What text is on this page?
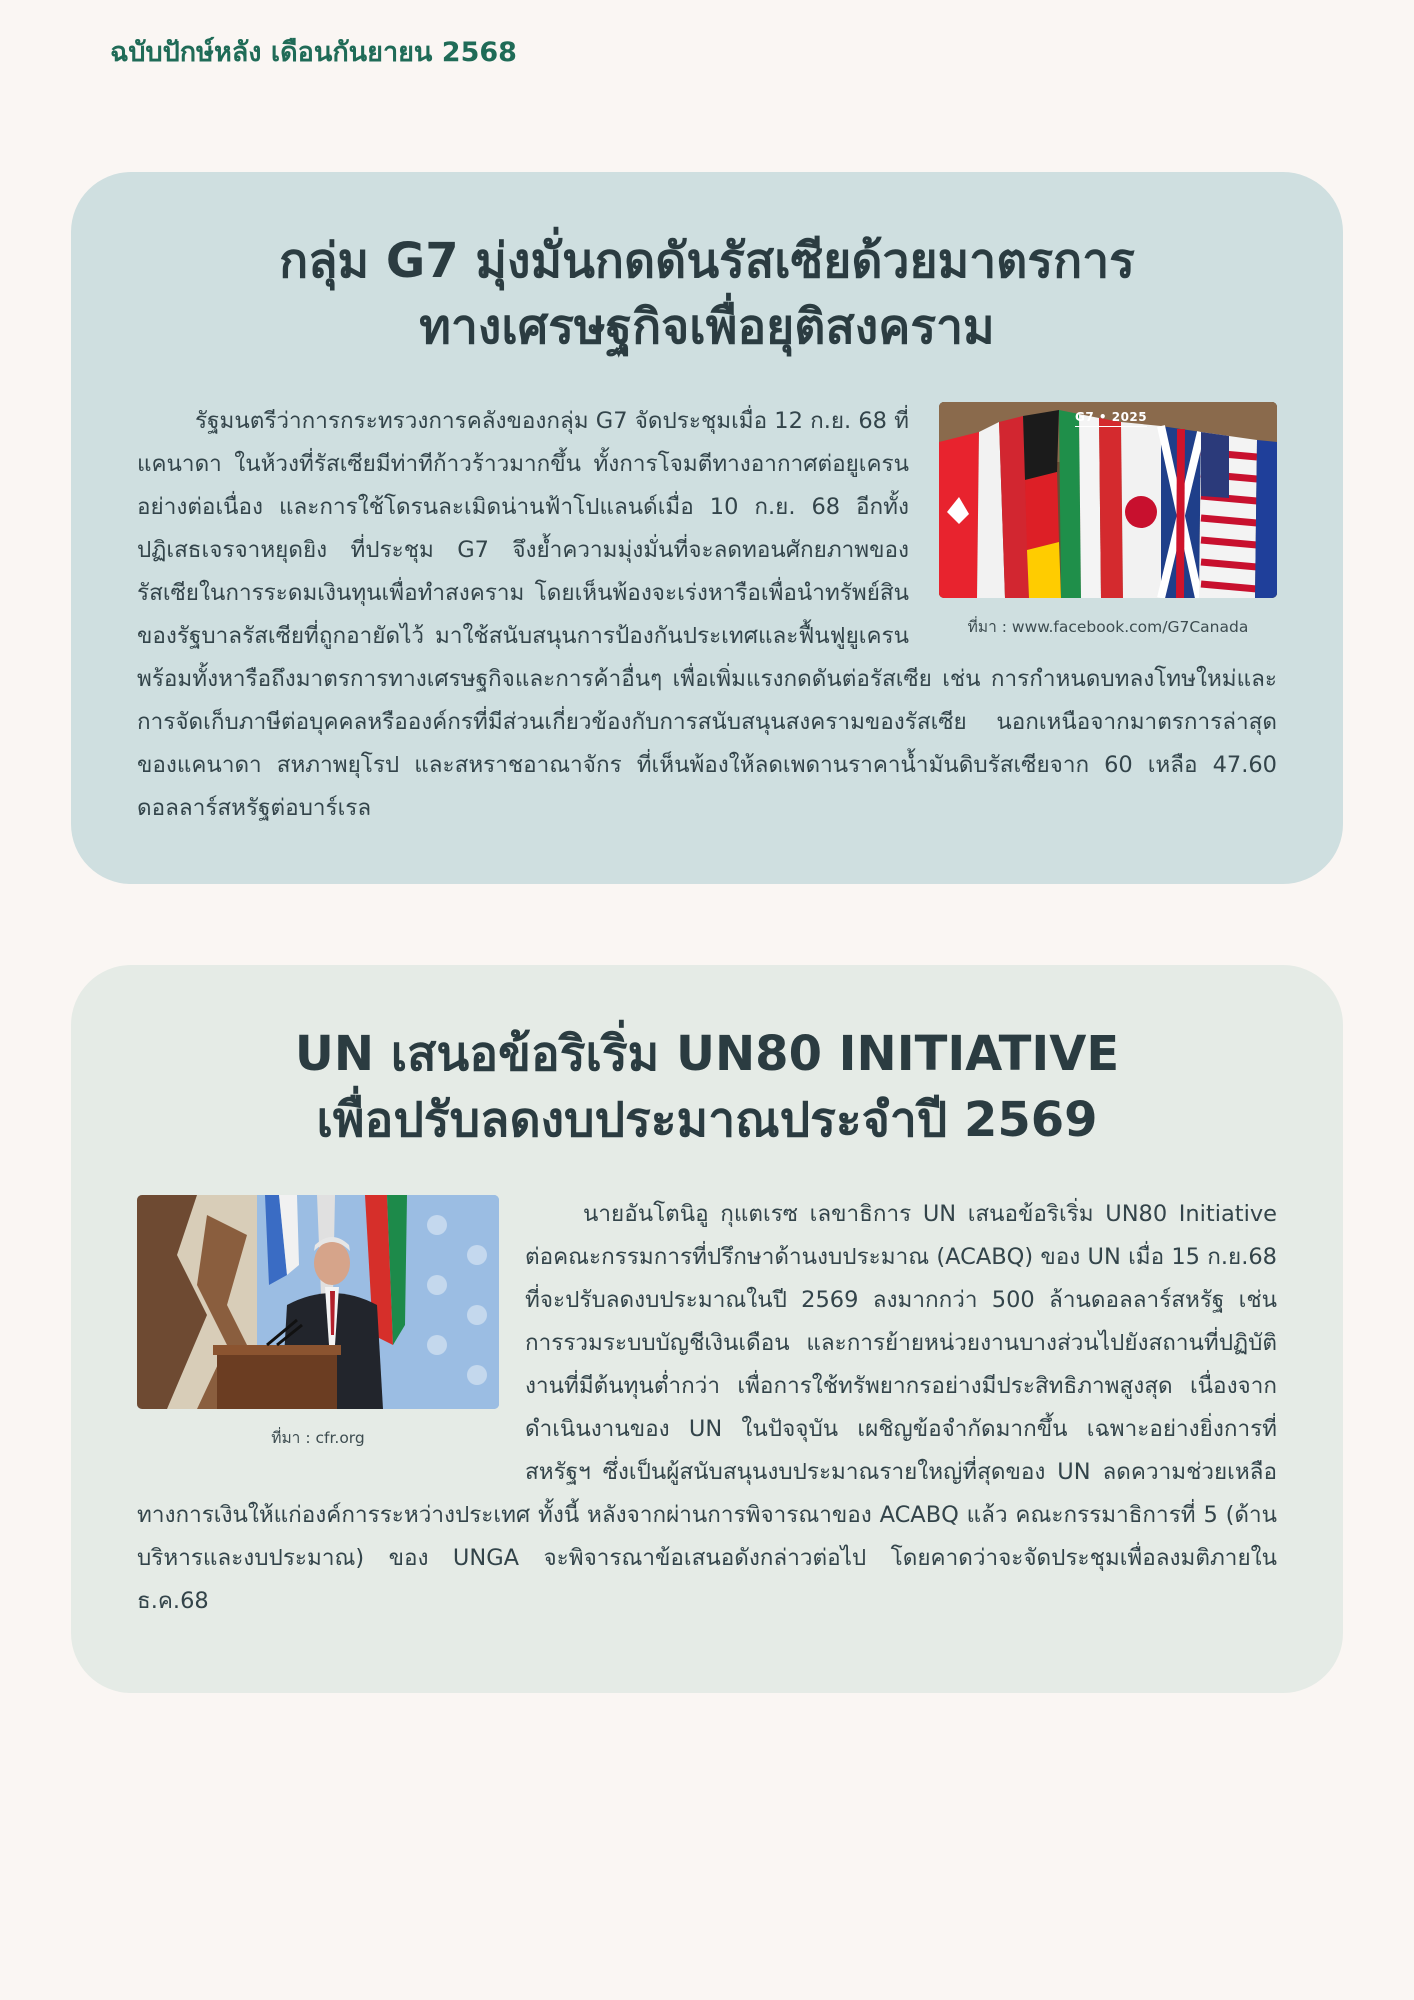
ฉบับปักษ์หลัง เดือนกันยายน 2568
กลุ่ม G7 มุ่งมั่นกดดันรัสเซียด้วยมาตรการ
ทางเศรษฐกิจเพื่อยุติสงคราม
G7 • 2025
ที่มา : www.facebook.com/G7Canada
รัฐมนตรีว่าการกระทรวงการคลังของกลุ่ม G7 จัดประชุมเมื่อ 12 ก.ย. 68 ที่แคนาดา ในห้วงที่รัสเซียมีท่าทีก้าวร้าวมากขึ้น ทั้งการโจมตีทางอากาศต่อยูเครนอย่างต่อเนื่อง และการใช้โดรนละเมิดน่านฟ้าโปแลนด์เมื่อ 10 ก.ย. 68 อีกทั้งปฏิเสธเจรจาหยุดยิง ที่ประชุม G7 จึงย้ำความมุ่งมั่นที่จะลดทอนศักยภาพของรัสเซียในการระดมเงินทุนเพื่อทำสงคราม โดยเห็นพ้องจะเร่งหารือเพื่อนำทรัพย์สินของรัฐบาลรัสเซียที่ถูกอายัดไว้ มาใช้สนับสนุนการป้องกันประเทศและฟื้นฟูยูเครน พร้อมทั้งหารือถึงมาตรการทางเศรษฐกิจและการค้าอื่นๆ เพื่อเพิ่มแรงกดดันต่อรัสเซีย เช่น การกำหนดบทลงโทษใหม่และการจัดเก็บภาษีต่อบุคคลหรือองค์กรที่มีส่วนเกี่ยวข้องกับการสนับสนุนสงครามของรัสเซีย นอกเหนือจากมาตรการล่าสุดของแคนาดา สหภาพยุโรป และสหราชอาณาจักร ที่เห็นพ้องให้ลดเพดานราคาน้ำมันดิบรัสเซียจาก 60 เหลือ 47.60 ดอลลาร์สหรัฐต่อบาร์เรล
UN เสนอข้อริเริ่ม UN80 INITIATIVE
เพื่อปรับลดงบประมาณประจำปี 2569
ที่มา : cfr.org
นายอันโตนิอู กุแตเรซ เลขาธิการ UN เสนอข้อริเริ่ม UN80 Initiative ต่อคณะกรรมการที่ปรึกษาด้านงบประมาณ (ACABQ) ของ UN เมื่อ 15 ก.ย.68 ที่จะปรับลดงบประมาณในปี 2569 ลงมากกว่า 500 ล้านดอลลาร์สหรัฐ เช่น การรวมระบบบัญชีเงินเดือน และการย้ายหน่วยงานบางส่วนไปยังสถานที่ปฏิบัติงานที่มีต้นทุนต่ำกว่า เพื่อการใช้ทรัพยากรอย่างมีประสิทธิภาพสูงสุด เนื่องจากดำเนินงานของ UN ในปัจจุบัน เผชิญข้อจำกัดมากขึ้น เฉพาะอย่างยิ่งการที่สหรัฐฯ ซึ่งเป็นผู้สนับสนุนงบประมาณรายใหญ่ที่สุดของ UN ลดความช่วยเหลือทางการเงินให้แก่องค์การระหว่างประเทศ ทั้งนี้ หลังจากผ่านการพิจารณาของ ACABQ แล้ว คณะกรรมาธิการที่ 5 (ด้านบริหารและงบประมาณ) ของ UNGA จะพิจารณาข้อเสนอดังกล่าวต่อไป โดยคาดว่าจะจัดประชุมเพื่อลงมติภายใน ธ.ค.68
